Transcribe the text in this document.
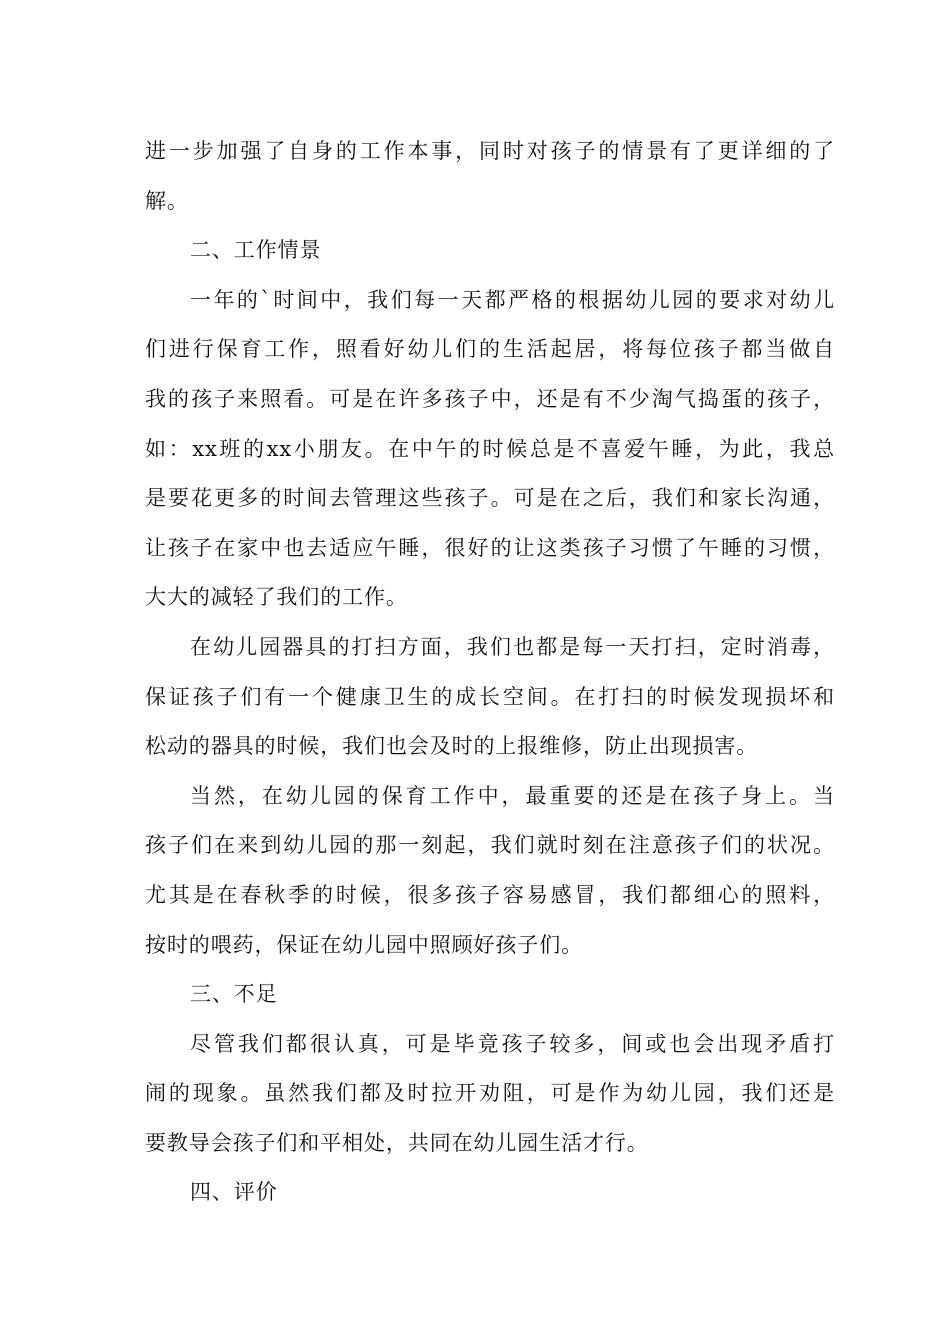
进一步加强了自身的工作本事，同时对孩子的情景有了更详细的了
解。
二、工作情景
一年的`时间中，我们每一天都严格的根据幼儿园的要求对幼儿
们进行保育工作，照看好幼儿们的生活起居，将每位孩子都当做自
我的孩子来照看。可是在许多孩子中，还是有不少淘气捣蛋的孩子，
如：xx班的xx小朋友。在中午的时候总是不喜爱午睡，为此，我总
是要花更多的时间去管理这些孩子。可是在之后，我们和家长沟通，
让孩子在家中也去适应午睡，很好的让这类孩子习惯了午睡的习惯，
大大的减轻了我们的工作。
在幼儿园器具的打扫方面，我们也都是每一天打扫，定时消毒，
保证孩子们有一个健康卫生的成长空间。在打扫的时候发现损坏和
松动的器具的时候，我们也会及时的上报维修，防止出现损害。
当然，在幼儿园的保育工作中，最重要的还是在孩子身上。当
孩子们在来到幼儿园的那一刻起，我们就时刻在注意孩子们的状况。
尤其是在春秋季的时候，很多孩子容易感冒，我们都细心的照料，
按时的喂药，保证在幼儿园中照顾好孩子们。
三、不足
尽管我们都很认真，可是毕竟孩子较多，间或也会出现矛盾打
闹的现象。虽然我们都及时拉开劝阻，可是作为幼儿园，我们还是
要教导会孩子们和平相处，共同在幼儿园生活才行。
四、评价
